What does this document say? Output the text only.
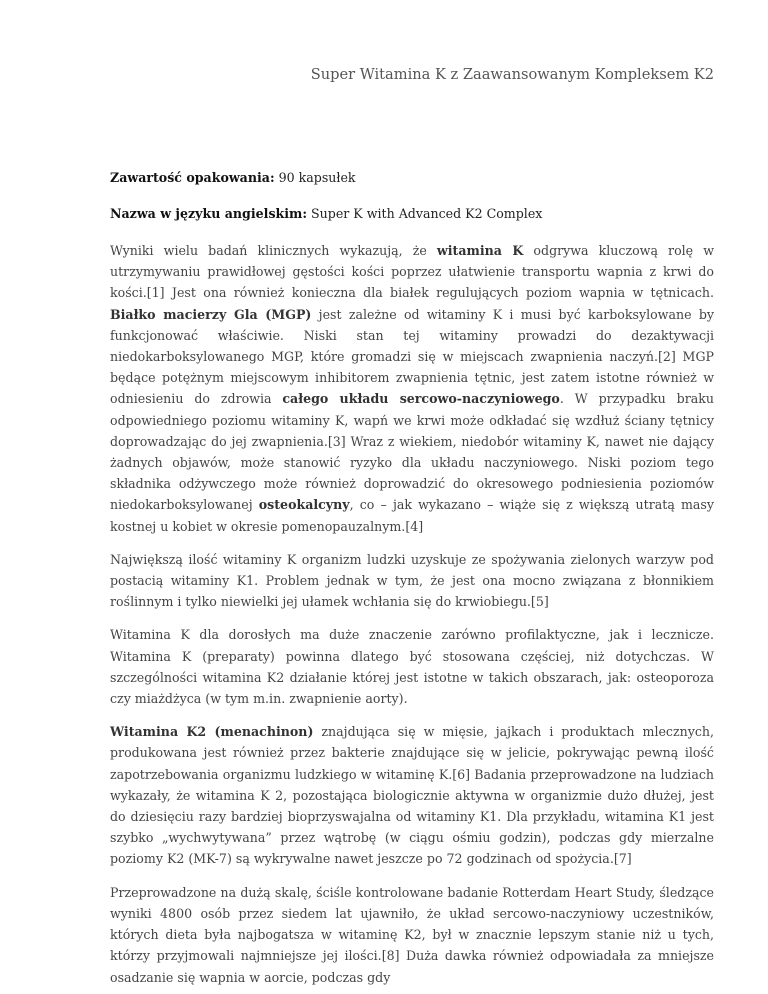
Super Witamina K z Zaawansowanym Kompleksem K2

Zawartość opakowania: 90 kapsułek

Nazwa w języku angielskim: Super K with Advanced K2 Complex

Wyniki wielu badań klinicznych wykazują, że witamina K odgrywa kluczową rolę w utrzymywaniu prawidłowej gęstości kości poprzez ułatwienie transportu wapnia z krwi do kości.[1] Jest ona również konieczna dla białek regulujących poziom wapnia w tętnicach. Białko macierzy Gla (MGP) jest zależne od witaminy K i musi być karboksylowane by funkcjonować właściwie. Niski stan tej witaminy prowadzi do dezaktywacji niedokarboksylowanego MGP, które gromadzi się w miejscach zwapnienia naczyń.[2] MGP będące potężnym miejscowym inhibitorem zwapnienia tętnic, jest zatem istotne również w odniesieniu do zdrowia całego układu sercowo-naczyniowego. W przypadku braku odpowiedniego poziomu witaminy K, wapń we krwi może odkładać się wzdłuż ściany tętnicy doprowadzając do jej zwapnienia.[3] Wraz z wiekiem, niedobór witaminy K, nawet nie dający żadnych objawów, może stanowić ryzyko dla układu naczyniowego. Niski poziom tego składnika odżywczego może również doprowadzić do okresowego podniesienia poziomów niedokarboksylowanej osteokalcyny, co – jak wykazano – wiąże się z większą utratą masy kostnej u kobiet w okresie pomenopauzalnym.[4]

Największą ilość witaminy K organizm ludzki uzyskuje ze spożywania zielonych warzyw pod postacią witaminy K1. Problem jednak w tym, że jest ona mocno związana z błonnikiem roślinnym i tylko niewielki jej ułamek wchłania się do krwiobiegu.[5]

Witamina K dla dorosłych ma duże znaczenie zarówno profilaktyczne, jak i lecznicze. Witamina K (preparaty) powinna dlatego być stosowana częściej, niż dotychczas. W szczególności witamina K2 działanie której jest istotne w takich obszarach, jak: osteoporoza czy miażdżyca (w tym m.in. zwapnienie aorty).

Witamina K2 (menachinon) znajdująca się w mięsie, jajkach i produktach mlecznych, produkowana jest również przez bakterie znajdujące się w jelicie, pokrywając pewną ilość zapotrzebowania organizmu ludzkiego w witaminę K.[6] Badania przeprowadzone na ludziach wykazały, że witamina K 2, pozostająca biologicznie aktywna w organizmie dużo dłużej, jest do dziesięciu razy bardziej bioprzyswajalna od witaminy K1. Dla przykładu, witamina K1 jest szybko „wychwytywana” przez wątrobę (w ciągu ośmiu godzin), podczas gdy mierzalne poziomy K2 (MK-7) są wykrywalne nawet jeszcze po 72 godzinach od spożycia.[7]

Przeprowadzone na dużą skalę, ściśle kontrolowane badanie Rotterdam Heart Study, śledzące wyniki 4800 osób przez siedem lat ujawniło, że układ sercowo-naczyniowy uczestników, których dieta była najbogatsza w witaminę K2, był w znacznie lepszym stanie niż u tych, którzy przyjmowali najmniejsze jej ilości.[8] Duża dawka również odpowiadała za mniejsze osadzanie się wapnia w aorcie, podczas gdy
